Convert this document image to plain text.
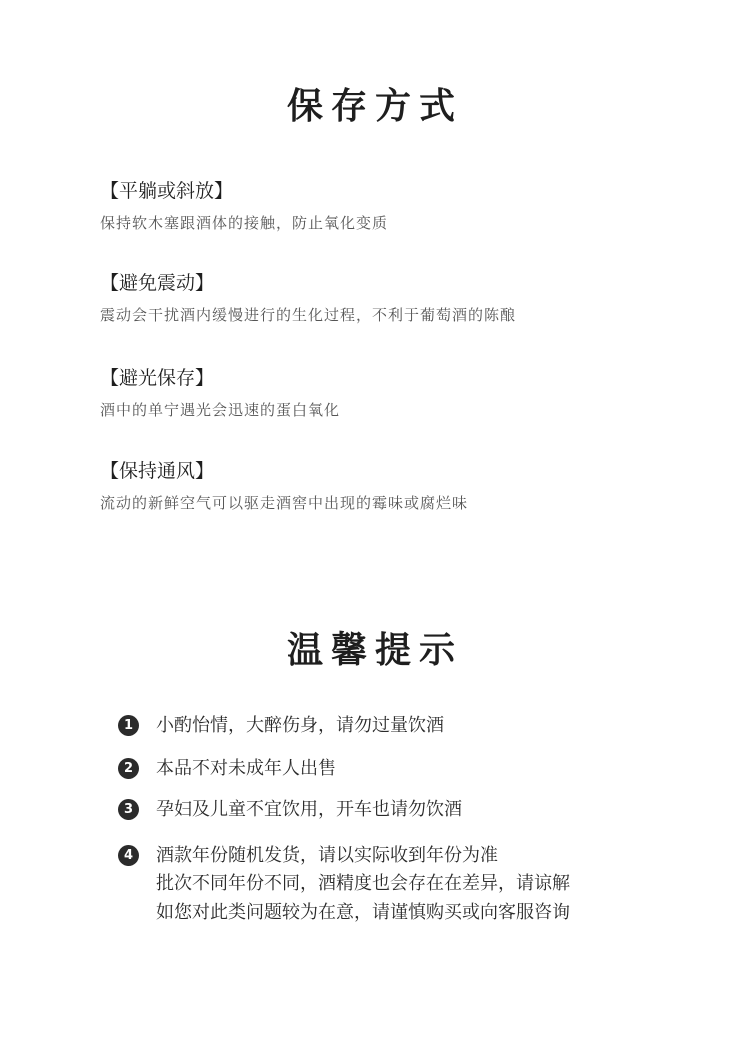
保存方式
【平躺或斜放】
保持软木塞跟酒体的接触，防止氧化变质
【避免震动】
震动会干扰酒内缓慢进行的生化过程，不利于葡萄酒的陈酿
【避光保存】
酒中的单宁遇光会迅速的蛋白氧化
【保持通风】
流动的新鲜空气可以驱走酒窖中出现的霉味或腐烂味
温馨提示
1	小酌怡情，大醉伤身，请勿过量饮酒
2	本品不对未成年人出售
3	孕妇及儿童不宜饮用，开车也请勿饮酒
4	酒款年份随机发货，请以实际收到年份为准
批次不同年份不同，酒精度也会存在在差异，请谅解
如您对此类问题较为在意，请谨慎购买或向客服咨询
